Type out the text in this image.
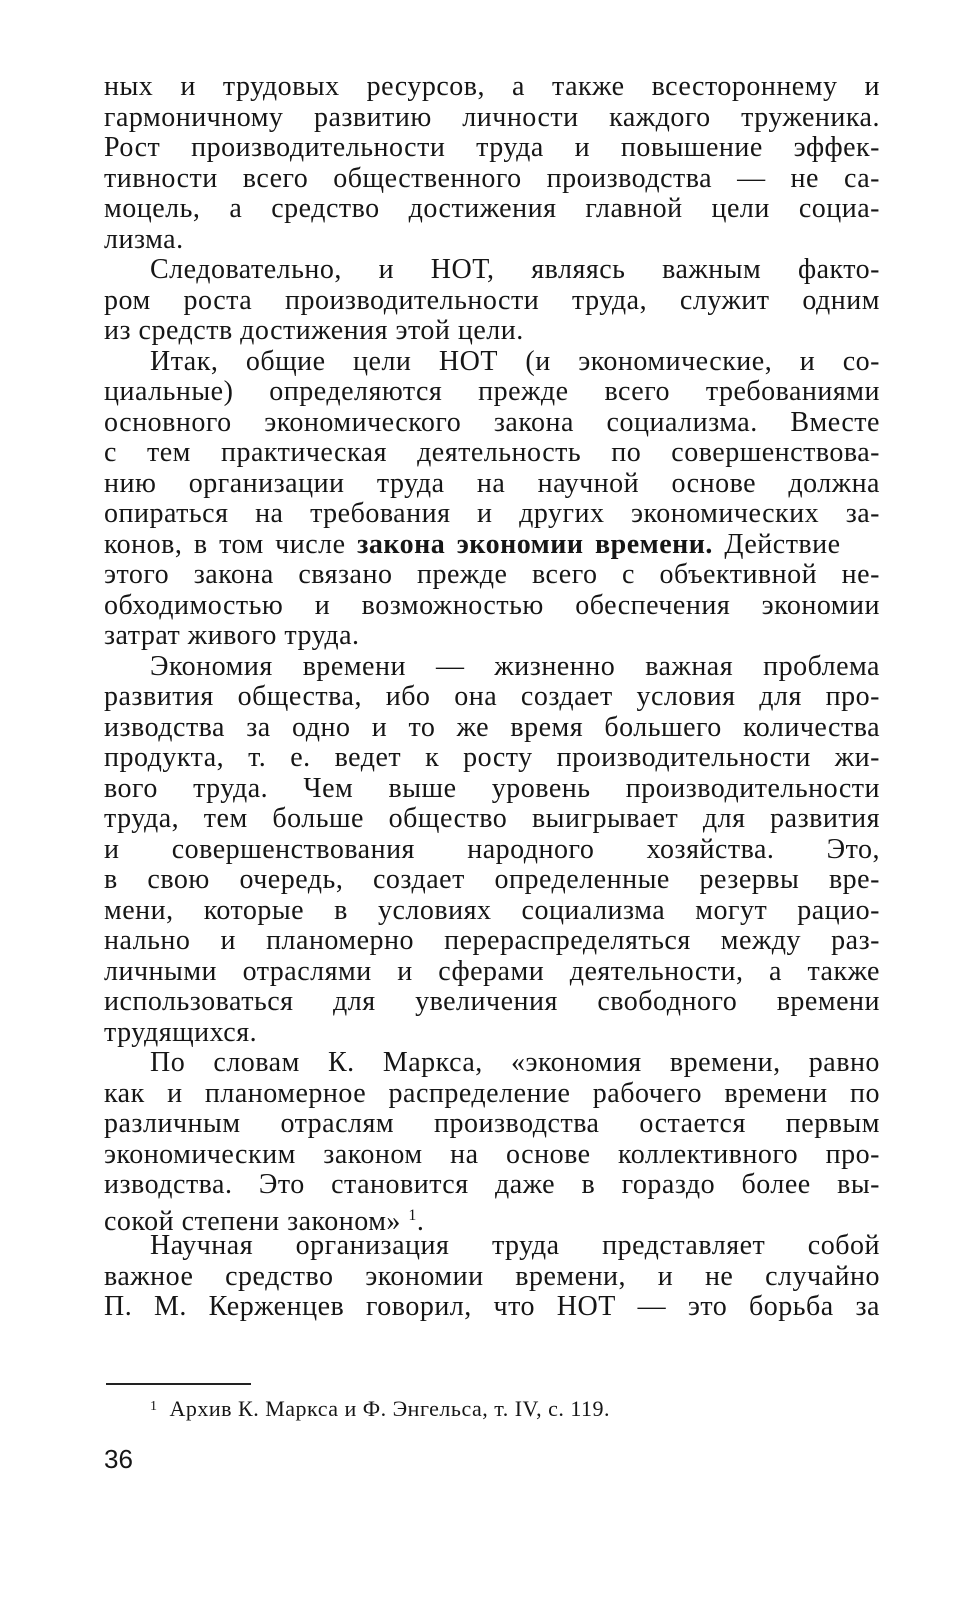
ных и трудовых ресурсов, а также всестороннему и
гармоничному развитию личности каждого труженика.
Рост производительности труда и повышение эффек-
тивности всего общественного производства — не са-
моцель, а средство достижения главной цели социа-
лизма.
Следовательно, и НОТ, являясь важным факто-
ром роста производительности труда, служит одним
из средств достижения этой цели.
Итак, общие цели НОТ (и экономические, и со-
циальные) определяются прежде всего требованиями
основного экономического закона социализма. Вместе
с тем практическая деятельность по совершенствова-
нию организации труда на научной основе должна
опираться на требования и других экономических за-
конов, в том числе закона экономии времени. Действие
этого закона связано прежде всего с объективной не-
обходимостью и возможностью обеспечения экономии
затрат живого труда.
Экономия времени — жизненно важная проблема
развития общества, ибо она создает условия для про-
изводства за одно и то же время большего количества
продукта, т. е. ведет к росту производительности жи-
вого труда. Чем выше уровень производительности
труда, тем больше общество выигрывает для развития
и совершенствования народного хозяйства. Это,
в свою очередь, создает определенные резервы вре-
мени, которые в условиях социализма могут рацио-
нально и планомерно перераспределяться между раз-
личными отраслями и сферами деятельности, а также
использоваться для увеличения свободного времени
трудящихся.
По словам К. Маркса, «экономия времени, равно
как и планомерное распределение рабочего времени по
различным отраслям производства остается первым
экономическим законом на основе коллективного про-
изводства. Это становится даже в гораздо более вы-
сокой степени законом» $^1$.
Научная организация труда представляет собой
важное средство экономии времени, и не случайно
П. М. Керженцев говорил, что НОТ — это борьба за
$^1$ Архив К. Маркса и Ф. Энгельса, т. IV, с. 119.
36
